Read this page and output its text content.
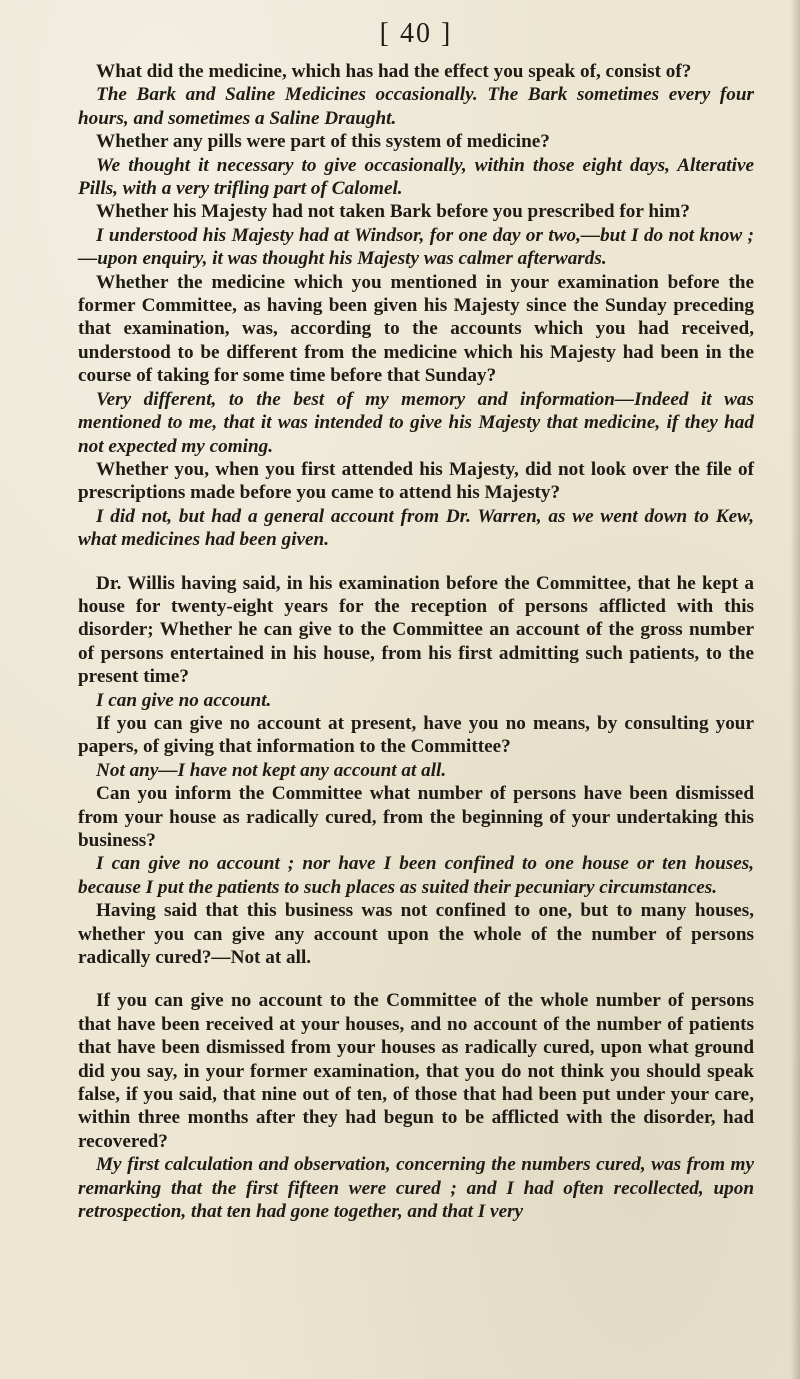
[ 40 ]

What did the medicine, which has had the effect you speak of, consist of?

The Bark and Saline Medicines occasionally. The Bark sometimes every four hours, and sometimes a Saline Draught.

Whether any pills were part of this system of medicine?

We thought it necessary to give occasionally, within those eight days, Alterative Pills, with a very trifling part of Calomel.

Whether his Majesty had not taken Bark before you prescribed for him?

I understood his Majesty had at Windsor, for one day or two,—but I do not know ;—upon enquiry, it was thought his Majesty was calmer afterwards.

Whether the medicine which you mentioned in your examination before the former Committee, as having been given his Majesty since the Sunday preceding that examination, was, according to the accounts which you had received, understood to be different from the medicine which his Majesty had been in the course of taking for some time before that Sunday?

Very different, to the best of my memory and information—Indeed it was mentioned to me, that it was intended to give his Majesty that medicine, if they had not expected my coming.

Whether you, when you first attended his Majesty, did not look over the file of prescriptions made before you came to attend his Majesty?

I did not, but had a general account from Dr. Warren, as we went down to Kew, what medicines had been given.

Dr. Willis having said, in his examination before the Committee, that he kept a house for twenty-eight years for the reception of persons afflicted with this disorder; Whether he can give to the Committee an account of the gross number of persons entertained in his house, from his first admitting such patients, to the present time?

I can give no account.

If you can give no account at present, have you no means, by consulting your papers, of giving that information to the Committee?

Not any—I have not kept any account at all.

Can you inform the Committee what number of persons have been dismissed from your house as radically cured, from the beginning of your undertaking this business?

I can give no account ; nor have I been confined to one house or ten houses, because I put the patients to such places as suited their pecuniary circumstances.

Having said that this business was not confined to one, but to many houses, whether you can give any account upon the whole of the number of persons radically cured?—Not at all.

If you can give no account to the Committee of the whole number of persons that have been received at your houses, and no account of the number of patients that have been dismissed from your houses as radically cured, upon what ground did you say, in your former examination, that you do not think you should speak false, if you said, that nine out of ten, of those that had been put under your care, within three months after they had begun to be afflicted with the disorder, had recovered?

My first calculation and observation, concerning the numbers cured, was from my remarking that the first fifteen were cured ; and I had often recollected, upon retrospection, that ten had gone together, and that I very
